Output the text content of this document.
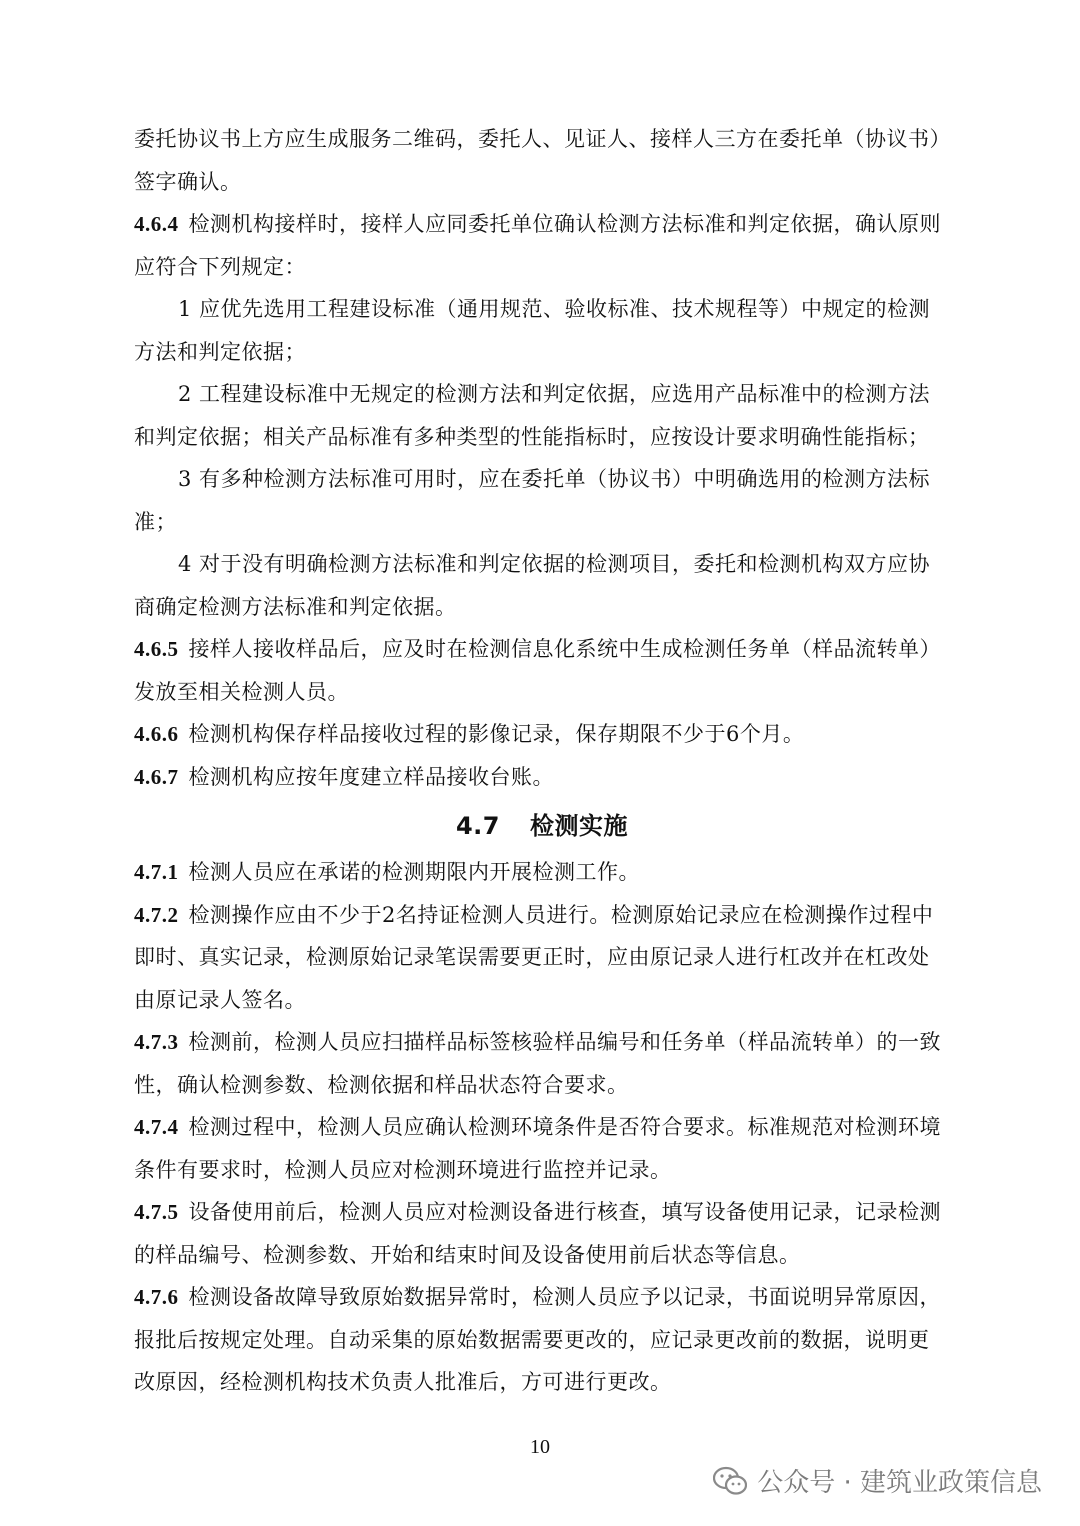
委托协议书上方应生成服务二维码，委托人、见证人、接样人三方在委托单（协议书）签字确认。

4.6.4 检测机构接样时，接样人应同委托单位确认检测方法标准和判定依据，确认原则应符合下列规定：

1 应优先选用工程建设标准（通用规范、验收标准、技术规程等）中规定的检测方法和判定依据；

2 工程建设标准中无规定的检测方法和判定依据，应选用产品标准中的检测方法和判定依据；相关产品标准有多种类型的性能指标时，应按设计要求明确性能指标；

3 有多种检测方法标准可用时，应在委托单（协议书）中明确选用的检测方法标准；

4 对于没有明确检测方法标准和判定依据的检测项目，委托和检测机构双方应协商确定检测方法标准和判定依据。

4.6.5 接样人接收样品后，应及时在检测信息化系统中生成检测任务单（样品流转单）发放至相关检测人员。

4.6.6 检测机构保存样品接收过程的影像记录，保存期限不少于6个月。

4.6.7 检测机构应按年度建立样品接收台账。

4.7 检测实施

4.7.1 检测人员应在承诺的检测期限内开展检测工作。

4.7.2 检测操作应由不少于2名持证检测人员进行。检测原始记录应在检测操作过程中即时、真实记录，检测原始记录笔误需要更正时，应由原记录人进行杠改并在杠改处由原记录人签名。

4.7.3 检测前，检测人员应扫描样品标签核验样品编号和任务单（样品流转单）的一致性，确认检测参数、检测依据和样品状态符合要求。

4.7.4 检测过程中，检测人员应确认检测环境条件是否符合要求。标准规范对检测环境条件有要求时，检测人员应对检测环境进行监控并记录。

4.7.5 设备使用前后，检测人员应对检测设备进行核查，填写设备使用记录，记录检测的样品编号、检测参数、开始和结束时间及设备使用前后状态等信息。

4.7.6 检测设备故障导致原始数据异常时，检测人员应予以记录，书面说明异常原因，报批后按规定处理。自动采集的原始数据需要更改的，应记录更改前的数据，说明更改原因，经检测机构技术负责人批准后，方可进行更改。

10
公众号 · 建筑业政策信息
